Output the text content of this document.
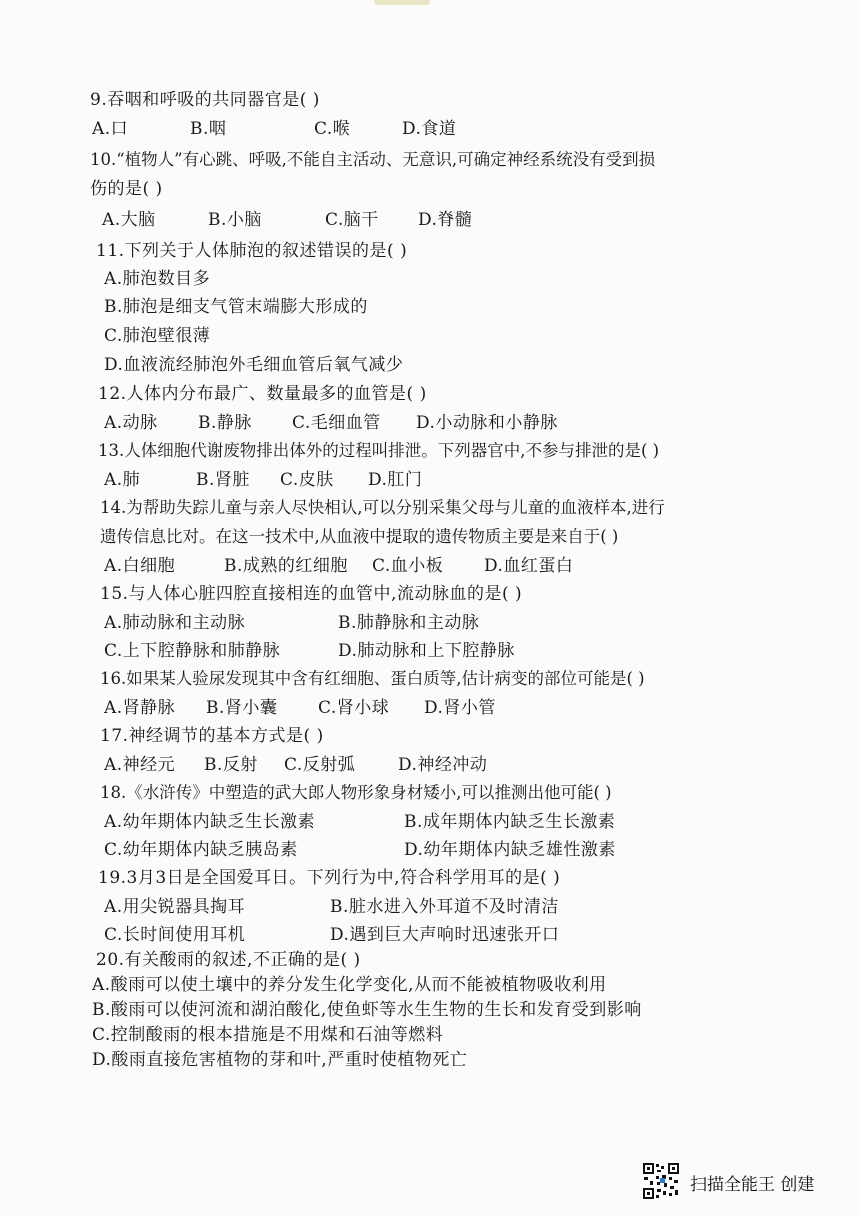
9.吞咽和呼吸的共同器官是( )
A.口	B.咽	C.喉	D.食道
10.“植物人”有心跳、呼吸,不能自主活动、无意识,可确定神经系统没有受到损
伤的是( )
A.大脑	B.小脑	C.脑干 D.脊髓
11.下列关于人体肺泡的叙述错误的是( )
A.肺泡数目多
B.肺泡是细支气管末端膨大形成的
C.肺泡壁很薄
D.血液流经肺泡外毛细血管后氧气减少
12.人体内分布最广、数量最多的血管是( )
A.动脉 B.静脉 C.毛细血管 D.小动脉和小静脉
13.人体细胞代谢废物排出体外的过程叫排泄。下列器官中,不参与排泄的是( )
A.肺	B.肾脏 C.皮肤 D.肛门
14.为帮助失踪儿童与亲人尽快相认,可以分别采集父母与儿童的血液样本,进行
遗传信息比对。在这一技术中,从血液中提取的遗传物质主要是来自于( )
A.白细胞	B.成熟的红细胞 C.血小板 D.血红蛋白
15.与人体心脏四腔直接相连的血管中,流动脉血的是( )
A.肺动脉和主动脉	B.肺静脉和主动脉
C.上下腔静脉和肺静脉	D.肺动脉和上下腔静脉
16.如果某人验尿发现其中含有红细胞、蛋白质等,估计病变的部位可能是( )
A.肾静脉 B.肾小囊 C.肾小球 D.肾小管
17.神经调节的基本方式是( )
A.神经元 B.反射 C.反射弧	D.神经冲动
18.《水浒传》中塑造的武大郎人物形象身材矮小,可以推测出他可能( )
A.幼年期体内缺乏生长激素	B.成年期体内缺乏生长激素
C.幼年期体内缺乏胰岛素	D.幼年期体内缺乏雄性激素
19.3月3日是全国爱耳日。下列行为中,符合科学用耳的是( )
A.用尖锐器具掏耳	B.脏水进入外耳道不及时清洁
C.长时间使用耳机	D.遇到巨大声响时迅速张开口
20.有关酸雨的叙述,不正确的是( )
A.酸雨可以使土壤中的养分发生化学变化,从而不能被植物吸收利用
B.酸雨可以使河流和湖泊酸化,使鱼虾等水生生物的生长和发育受到影响
C.控制酸雨的根本措施是不用煤和石油等燃料
D.酸雨直接危害植物的芽和叶,严重时使植物死亡
扫描全能王 创建
